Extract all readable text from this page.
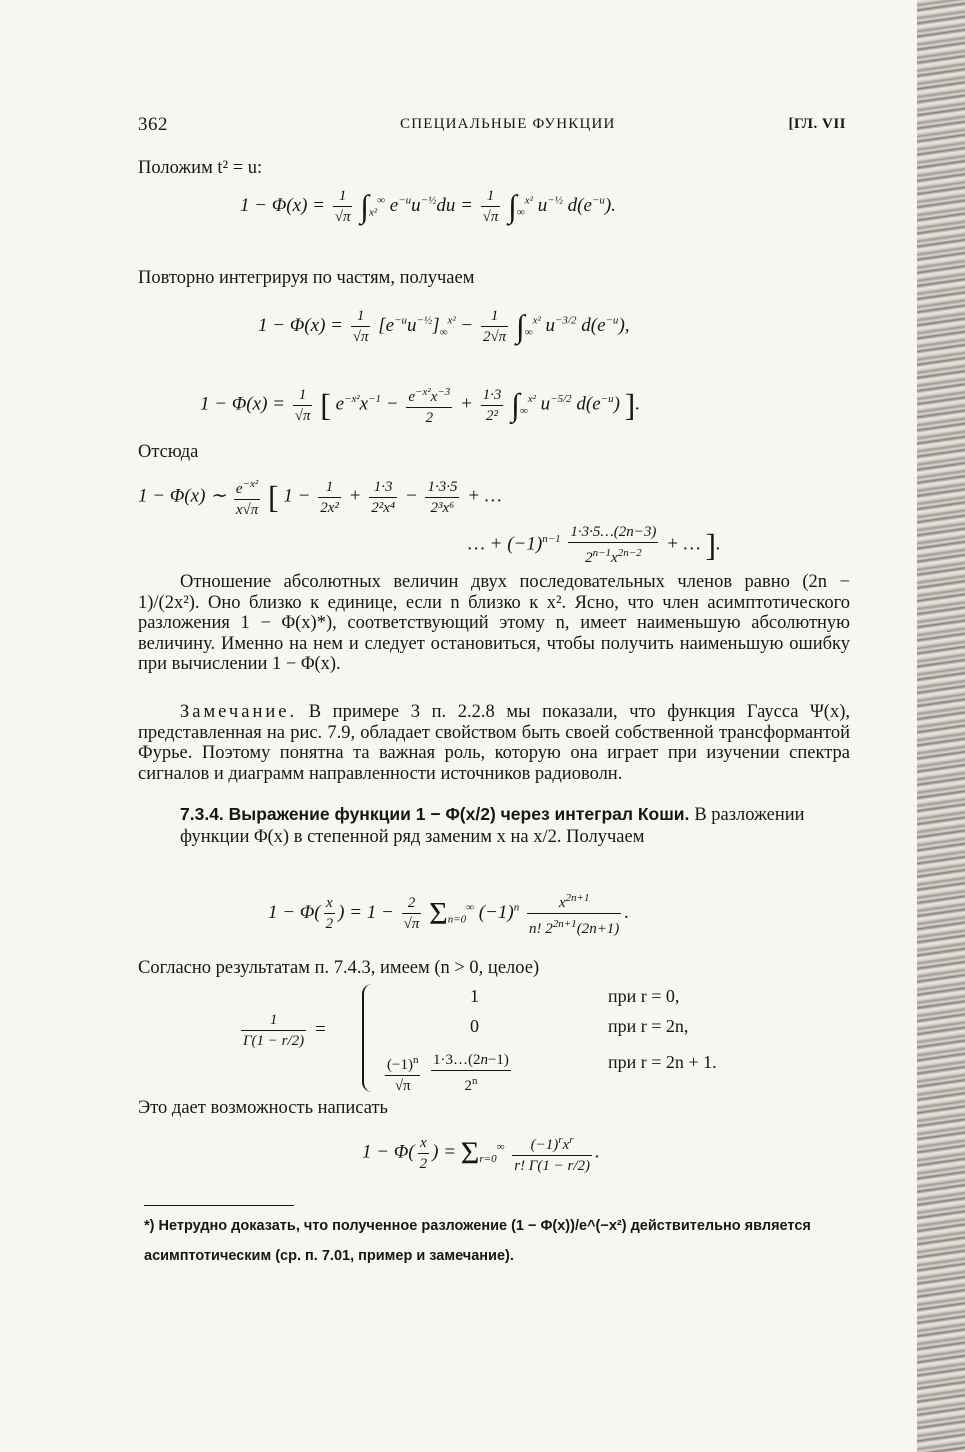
362	СПЕЦИАЛЬНЫЕ ФУНКЦИИ	[ГЛ. VII
Положим t² = u:
$1 - \Phi(x) = \frac{1}{√\pi} \int_{x^2}^\infty$ $e^{-u}u^{-\frac{1}{2}}du = \frac{1}{√\pi} \int_\infty^{x^2}$ $u^{-\frac{1}{2}}$ $d(e^{-u})$.
Повторно интегрируя по частям, получаем
$1 - \Phi(x) = \frac{1}{√\pi} [e^{-u}u^{-\frac{1}{2}}]_\infty^{x^2} - \frac{1}{2√\pi} \int_\infty^{x^2}$ $u^{-3/2}$ $d(e^{-u})$,
$1 - \Phi(x) = \frac{1}{√\pi}$ [ $e^{-x^2}x^{-1} - \frac{e^{-x^2}x^{-3}}{2} + \frac{1\cdot 3}{\text{2²}} \int_\infty^{x^2}$ $u^{-5/2}$ $d(e^{-u})$ ].
Отсюда
1 − Φ(x) ∼ $\frac{e^{-x^2}}{x√\pi}$ [ $1 - \frac{1}{\text{2x²}} + \frac{1\cdot 3}{\text{2²x⁴}} - \frac{1\cdot 3\cdot 5}{\text{2³x⁶}}$ + …
… + $(-1)^{n-1} \frac{1\cdot 3\cdot 5\dots(2n-3)}{2^{n-1}x^{2n-2}}$ + … ].
Отношение абсолютных величин двух последовательных членов равно (2n − 1)/(2x²). Оно близко к единице, если n близко к x². Ясно, что член асимптотического разложения 1 − Φ(x)*), соответствующий этому n, имеет наименьшую абсолютную величину. Именно на нем и следует остановиться, чтобы получить наименьшую ошибку при вычислении 1 − Φ(x).
Замечание. В примере 3 п. 2.2.8 мы показали, что функция Гаусса Ψ(x), представленная на рис. 7.9, обладает свойством быть своей собственной трансформантой Фурье. Поэтому понятна та важная роль, которую она играет при изучении спектра сигналов и диаграмм направленности источников радиоволн.
7.3.4. Выражение функции 1 − Φ(x/2) через интеграл Коши. В разложении функции Φ(x) в степенной ряд заменим x на x/2. Получаем
$1 - \Phi( \frac{x}{2}$ ) = $1 - \frac{2}{√\pi} \Sigma_{n=0}^\infty$ $(-1)^n \frac{x^{2n+1}}{n! 2^{2n+1}(2n+1)}$ .
Согласно результатам п. 7.4.3, имеем (n > 0, целое)
$\frac{1}{\Gamma(1 - r/2)}$ =
1	при r = 0,
0	при r = 2n,
$\frac{(-1)^n}{√\pi}$
$\frac{1\cdot 3\dots(2n-1)}{2^n}$	при r = 2n + 1.
Это дает возможность написать
$1 - \Phi( \frac{x}{2}$ ) = $\Sigma_{r=0}^\infty \frac{(-1)^rx^r}{r! \Gamma(1 - r/2)}$ .
*) Нетрудно доказать, что полученное разложение (1 − Φ(x))/e^(−x²) действительно является асимптотическим (ср. п. 7.01, пример и замечание).
